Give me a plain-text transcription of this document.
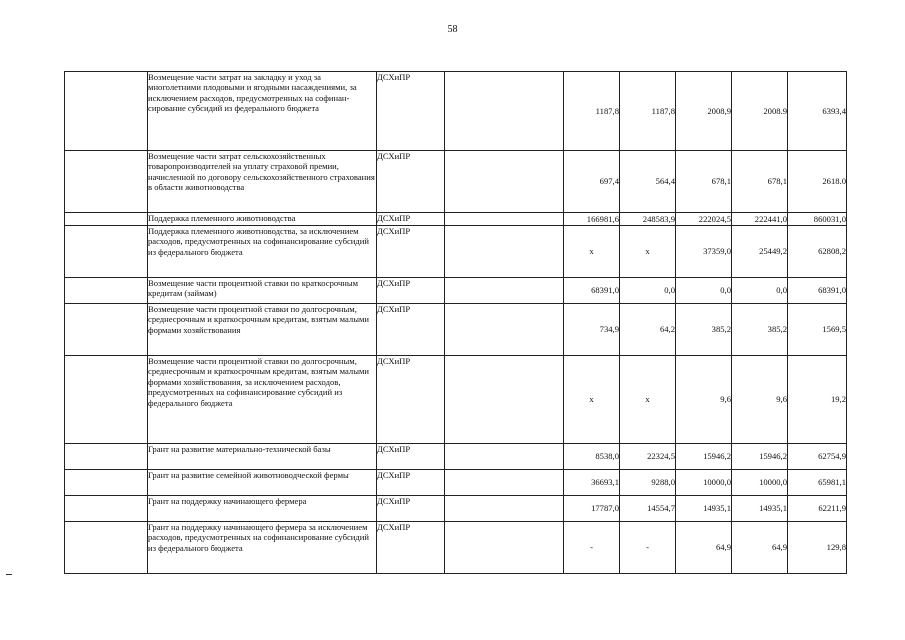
58
	Возмещение части затрат на закладку и уход за многолетними плодовыми и ягодными насаждениями, за исключением расходов, предусмотренных на софинансирование субсидий из федерального бюджета	ДСХиПР		1187,8	1187,8	2008,9	2008.9	6393,4
	Возмещение части затрат сельскохозяйственных товаропроизводителей на уплату страховой премии, начисленной по договору сельскохозяйственного страхования в области животноводства	ДСХиПР		697,4	564,4	678,1	678,1	2618.0
	Поддержка племенного животноводства	ДСХиПР		166981,6	248583,9	222024,5	222441,0	860031,0
	Поддержка племенного животноводства, за исключением расходов, предусмотренных на софинансирование субсидий из федерального бюджета	ДСХиПР		х	х	37359,0	25449,2	62808,2
	Возмещение части процентной ставки по краткосрочным кредитам (займам)	ДСХиПР		68391,0	0,0	0,0	0,0	68391,0
	Возмещение части процентной ставки по долгосрочным, среднесрочным и краткосрочным кредитам, взятым малыми формами хозяйствования	ДСХиПР		734,9	64,2	385,2	385,2	1569,5
	Возмещение части процентной ставки по долгосрочным, среднесрочным и краткосрочным кредитам, взятым малыми формами хозяйствования, за исключением расходов, предусмотренных на софинансирование субсидий из федерального бюджета	ДСХиПР		х	х	9,6	9,6	19,2
	Грант на развитие материально-технической базы	ДСХиПР		8538,0	22324,5	15946,2	15946,2	62754,9
	Грант на развитие семейной животноводческой фермы	ДСХиПР		36693,1	9288,0	10000,0	10000,0	65981,1
	Грант на поддержку начинающего фермера	ДСХиПР		17787,0	14554,7	14935,1	14935,1	62211,9
	Грант на поддержку начинающего фермера за исключением расходов, предусмотренных на софинансирование субсидий из федерального бюджета	ДСХиПР		-	-	64,9	64,9	129,8
